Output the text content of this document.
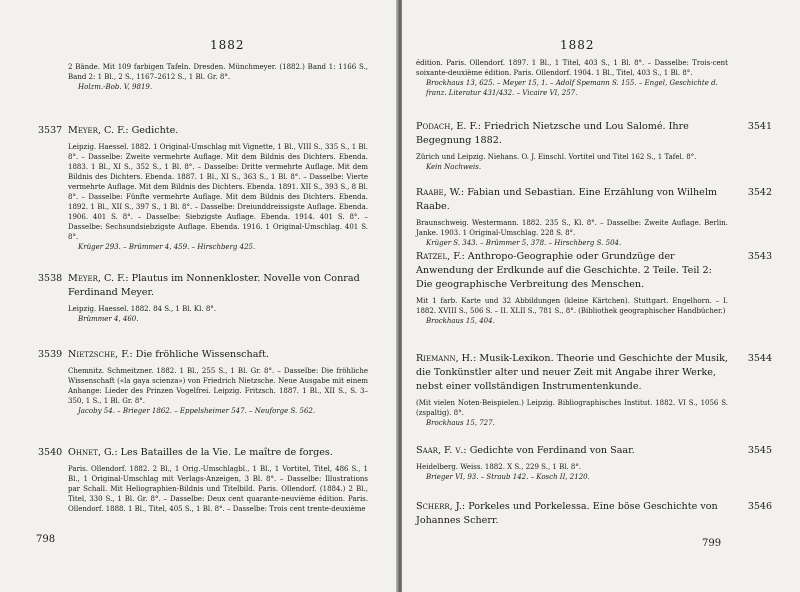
1882
2 Bände. Mit 109 farbigen Tafeln. Dresden. Münchmeyer. (1882.) Band 1: 1166 S., Band 2: 1 Bl., 2 S., 1167–2612 S., 1 Bl. Gr. 8°.
Holzm.-Bob. V, 9819.
3537 Meyer, C. F.: Gedichte.
Leipzig. Haessel. 1882. 1 Original-Umschlag mit Vignette, 1 Bl., VIII S., 335 S., 1 Bl. 8°. – Dasselbe: Zweite vermehrte Auflage. Mit dem Bildnis des Dichters. Ebenda. 1883. 1 Bl., XI S., 352 S., 1 Bl. 8°. – Dasselbe: Dritte vermehrte Auflage. Mit dem Bildnis des Dichters. Ebenda. 1887. 1 Bl., XI S., 363 S., 1 Bl. 8°. – Dasselbe: Vierte vermehrte Auflage. Mit dem Bildnis des Dichters. Ebenda. 1891. XII S., 393 S., 8 Bl. 8°. – Dasselbe: Fünfte vermehrte Auflage. Mit dem Bildnis des Dichters. Ebenda. 1892. 1 Bl., XII S., 397 S., 1 Bl. 8°. – Dasselbe: Dreiunddreissigste Auflage. Ebenda. 1906. 401 S. 8°. – Dasselbe: Siebzigste Auflage. Ebenda. 1914. 401 S. 8°. – Dasselbe: Sechsundsiebzigste Auflage. Ebenda. 1916. 1 Original-Umschlag. 401 S. 8°.
Krüger 293. – Brümmer 4, 459. – Hirschberg 425.
3538 Meyer, C. F.: Plautus im Nonnenkloster. Novelle von Conrad Ferdinand Meyer.
Leipzig. Haessel. 1882. 84 S., 1 Bl. Kl. 8°.
Brümmer 4, 460.
3539 Nietzsche, F.: Die fröhliche Wissenschaft.
Chemnitz. Schmeitzner. 1882. 1 Bl., 255 S., 1 Bl. Gr. 8°. – Dasselbe: Die fröhliche Wissenschaft («la gaya scienza») von Friedrich Nietzsche. Neue Ausgabe mit einem Anhange: Lieder des Prinzen Vogelfrei. Leipzig. Fritzsch. 1887. 1 Bl., XII S., S. 3–350, 1 S., 1 Bl. Gr. 8°.
Jacoby 54. – Brieger 1862. – Eppelsheimer 547. – Neuforge S. 562.
3540 Ohnet, G.: Les Batailles de la Vie. Le maître de forges.
Paris. Ollendorf. 1882. 2 Bl., 1 Orig.-Umschlagbl., 1 Bl., 1 Vortitel, Titel, 486 S., 1 Bl., 1 Original-Umschlag mit Verlags-Anzeigen, 3 Bl. 8°. – Dasselbe: Illustrations par Schall. Mit Heliographien-Bildnis und Titelbild. Paris. Ollendorf. (1884.) 2 Bl., Titel, 330 S., 1 Bl. Gr. 8°. – Dasselbe: Deux cent quarante-neuvième édition. Paris. Ollendorf. 1888. 1 Bl., Titel, 405 S., 1 Bl. 8°. – Dasselbe: Trois cent trente-deuxième
798
1882
édition. Paris. Ollendorf. 1897. 1 Bl., 1 Titel, 403 S., 1 Bl. 8°. – Dasselbe: Trois-cent soixante-deuxième édition. Paris. Ollendorf. 1904. 1 Bl., Titel, 403 S., 1 Bl. 8°.
Brockhaus 13, 625. – Meyer 15, 1. – Adolf Spemann S. 155. – Engel, Geschichte d. franz. Literatur 431/432. – Vicaire VI, 257.
3541
Podach, E. F.: Friedrich Nietzsche und Lou Salomé. Ihre Begegnung 1882.
Zürich und Leipzig. Niehans. O. J. Einschl. Vortitel und Titel 162 S., 1 Tafel. 8°.
Kein Nachweis.
3542
Raabe, W.: Fabian und Sebastian. Eine Erzählung von Wilhelm Raabe.
Braunschweig. Westermann. 1882. 235 S., Kl. 8°. – Dasselbe: Zweite Auflage. Berlin. Janke. 1903. 1 Original-Umschlag. 228 S. 8°.
Krüger S. 343. – Brümmer 5, 378. – Hirschberg S. 504.
3543
Ratzel, F.: Anthropo-Geographie oder Grundzüge der Anwendung der Erdkunde auf die Geschichte. 2 Teile. Teil 2: Die geographische Verbreitung des Menschen.
Mit 1 farb. Karte und 32 Abbildungen (kleine Kärtchen). Stuttgart. Engelhorn. – I. 1882. XVIII S., 506 S. – II. XLII S., 781 S., 8°. (Bibliothek geographischer Handbücher.)
Brockhaus 15, 404.
3544
Riemann, H.: Musik-Lexikon. Theorie und Geschichte der Musik, die Tonkünstler alter und neuer Zeit mit Angabe ihrer Werke, nebst einer vollständigen Instrumentenkunde.
(Mit vielen Noten-Beispielen.) Leipzig. Bibliographisches Institut. 1882. VI S., 1056 S. (zspaltig). 8°.
Brockhaus 15, 727.
3545
Saar, F. v.: Gedichte von Ferdinand von Saar.
Heidelberg. Weiss. 1882. X S., 229 S., 1 Bl. 8°.
Brieger VI, 93. – Straub 142. – Kosch II, 2120.
3546
Scherr, J.: Porkeles und Porkelessa. Eine böse Geschichte von Johannes Scherr.
799
